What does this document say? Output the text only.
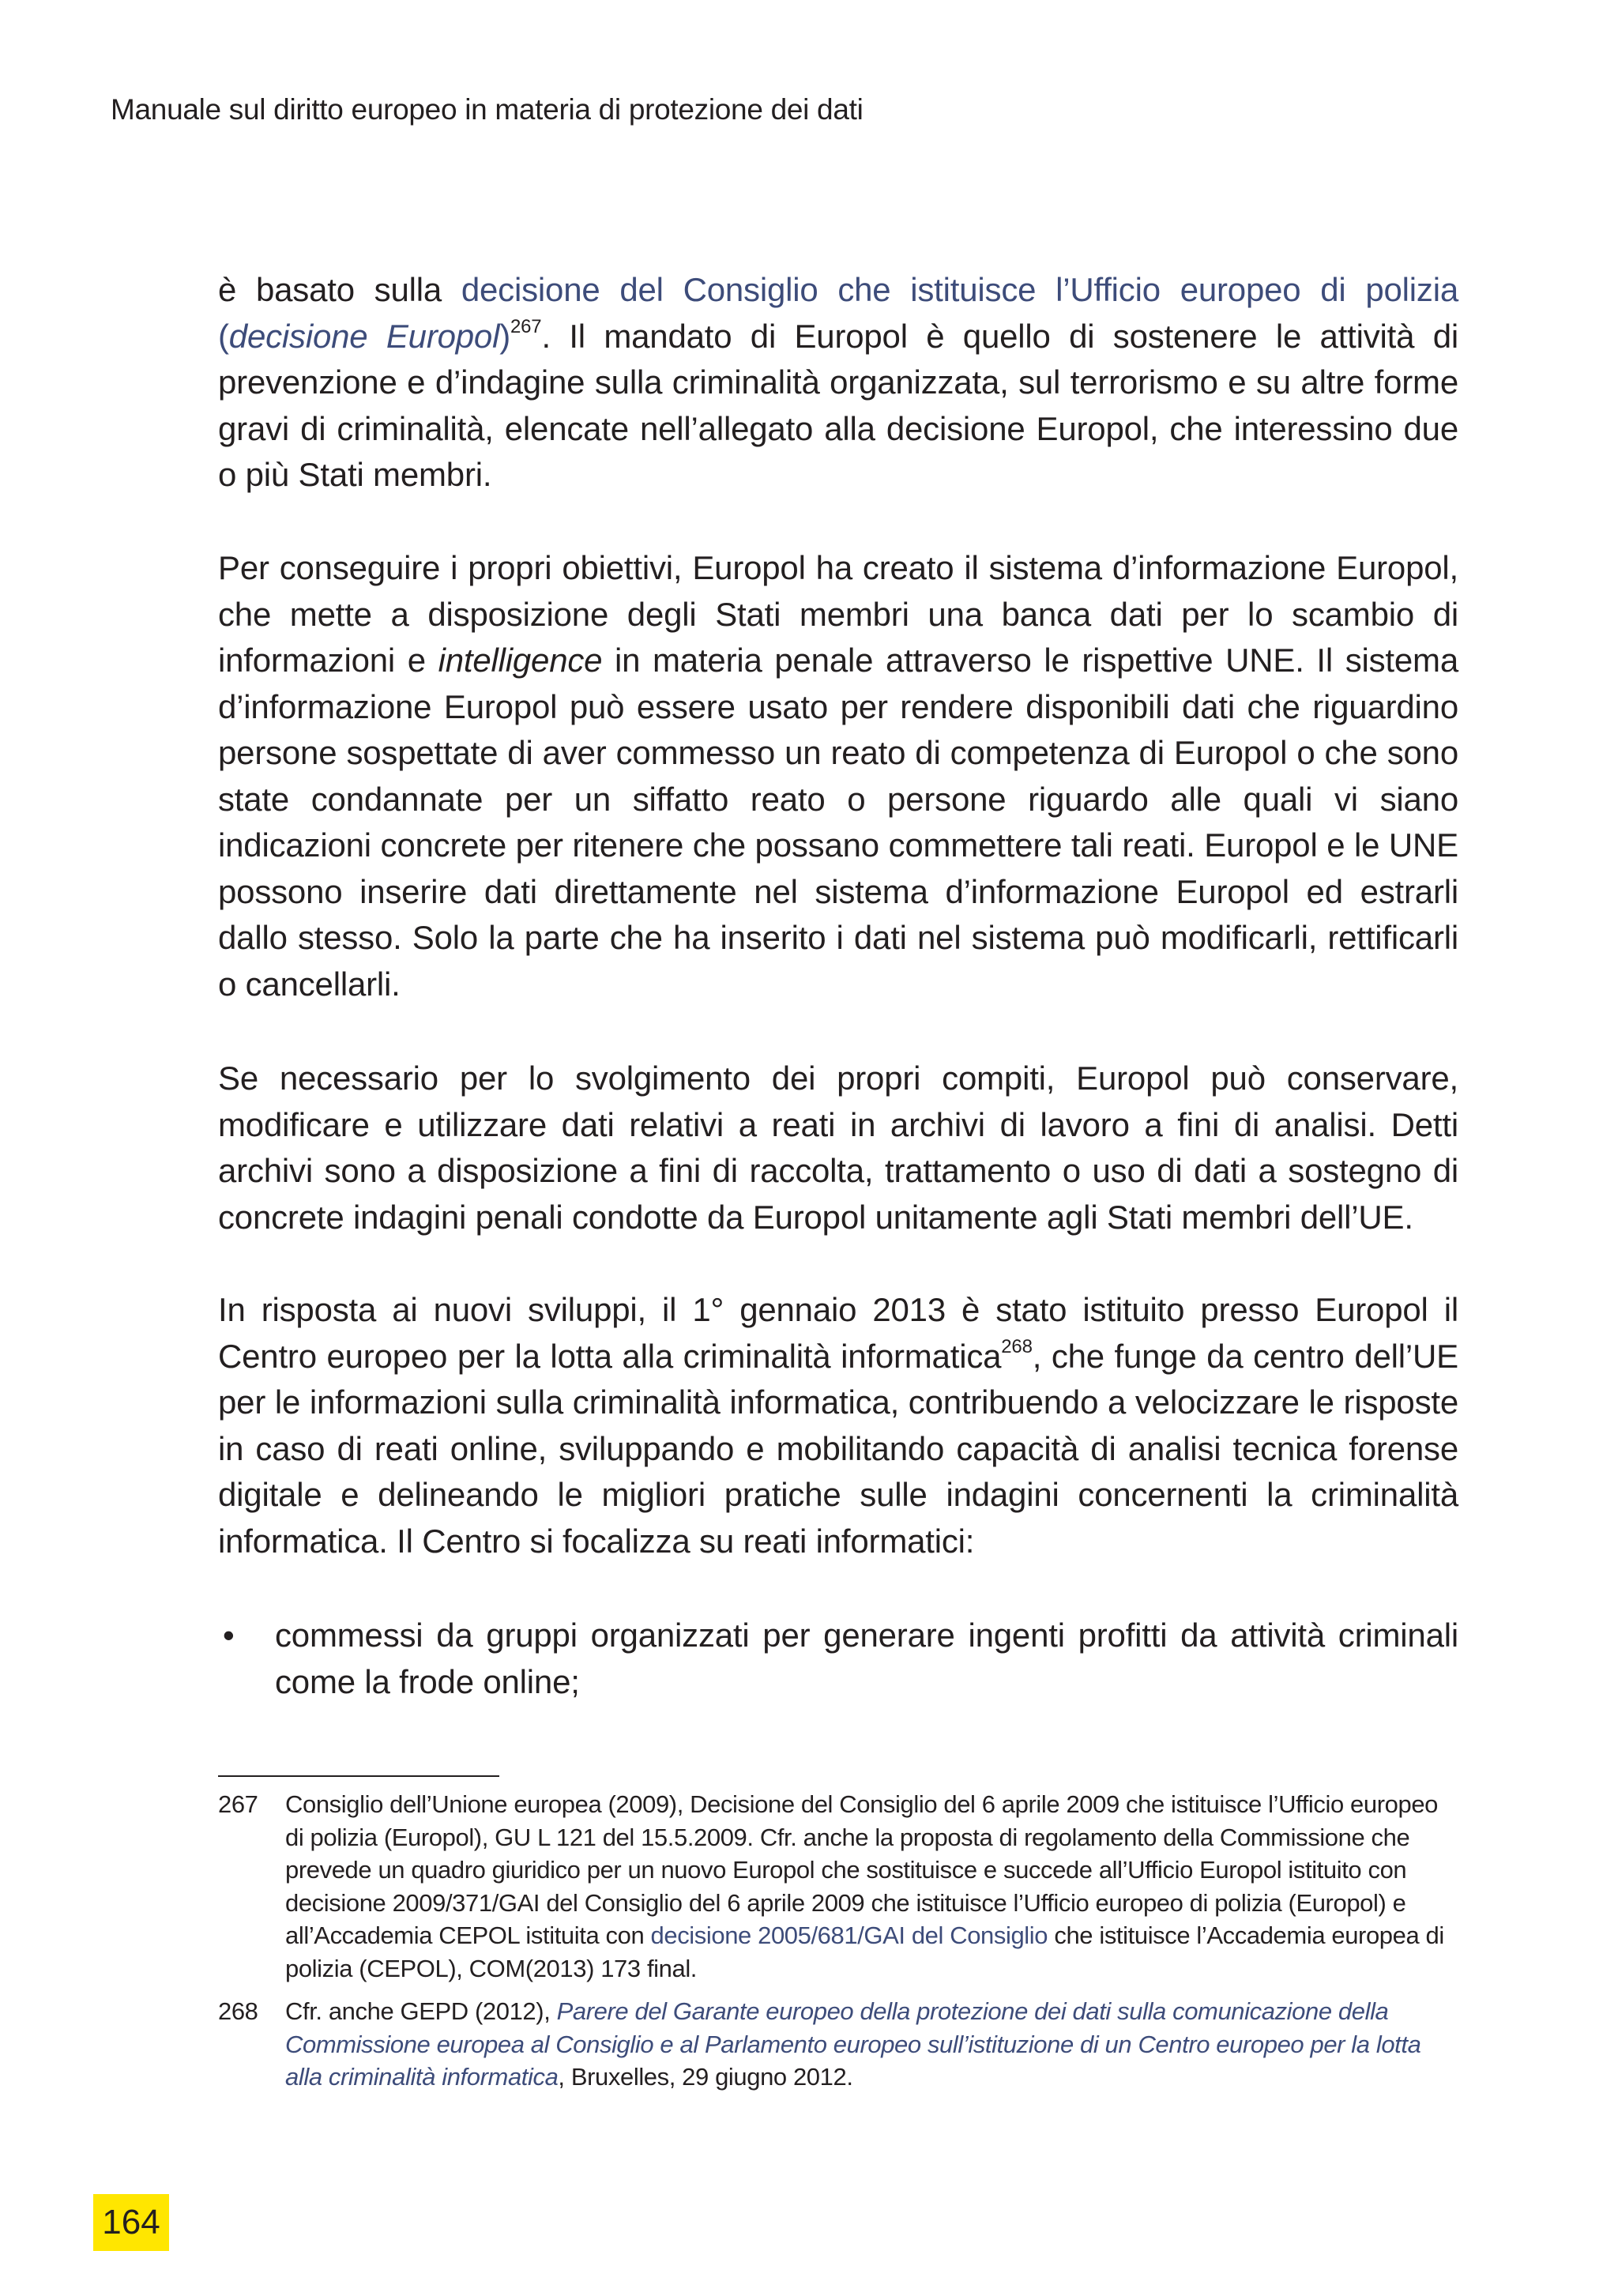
Manuale sul diritto europeo in materia di protezione dei dati

è basato sulla decisione del Consiglio che istituisce l’Ufficio europeo di polizia (decisione Europol)$^{267}$. Il mandato di Europol è quello di sostenere le attività di prevenzione e d’indagine sulla criminalità organizzata, sul terrorismo e su altre forme gravi di criminalità, elencate nell’allegato alla decisione Europol, che interessino due o più Stati membri.

Per conseguire i propri obiettivi, Europol ha creato il sistema d’informazione Europol, che mette a disposizione degli Stati membri una banca dati per lo scambio di informazioni e intelligence in materia penale attraverso le rispettive UNE. Il sistema d’informazione Europol può essere usato per rendere disponibili dati che riguardino persone sospettate di aver commesso un reato di competenza di Europol o che sono state condannate per un siffatto reato o persone riguardo alle quali vi siano indicazioni concrete per ritenere che possano commettere tali reati. Europol e le UNE possono inserire dati direttamente nel sistema d’informazione Europol ed estrarli dallo stesso. Solo la parte che ha inserito i dati nel sistema può modificarli, rettificarli o cancellarli.

Se necessario per lo svolgimento dei propri compiti, Europol può conservare, modificare e utilizzare dati relativi a reati in archivi di lavoro a fini di analisi. Detti archivi sono a disposizione a fini di raccolta, trattamento o uso di dati a sostegno di concrete indagini penali condotte da Europol unitamente agli Stati membri dell’UE.

In risposta ai nuovi sviluppi, il 1° gennaio 2013 è stato istituito presso Europol il Centro europeo per la lotta alla criminalità informatica$^{268}$, che funge da centro dell’UE per le informazioni sulla criminalità informatica, contribuendo a velocizzare le risposte in caso di reati online, sviluppando e mobilitando capacità di analisi tecnica forense digitale e delineando le migliori pratiche sulle indagini concernenti la criminalità informatica. Il Centro si focalizza su reati informatici:

• commessi da gruppi organizzati per generare ingenti profitti da attività criminali come la frode online;
267 Consiglio dell’Unione europea (2009), Decisione del Consiglio del 6 aprile 2009 che istituisce l’Ufficio europeo di polizia (Europol), GU L 121 del 15.5.2009. Cfr. anche la proposta di regolamento della Commissione che prevede un quadro giuridico per un nuovo Europol che sostituisce e succede all’Ufficio Europol istituito con decisione 2009/371/GAI del Consiglio del 6 aprile 2009 che istituisce l’Ufficio europeo di polizia (Europol) e all’Accademia CEPOL istituita con decisione 2005/681/GAI del Consiglio che istituisce l’Accademia europea di polizia (CEPOL), COM(2013) 173 final.
268 Cfr. anche GEPD (2012), Parere del Garante europeo della protezione dei dati sulla comunicazione della Commissione europea al Consiglio e al Parlamento europeo sull’istituzione di un Centro europeo per la lotta alla criminalità informatica, Bruxelles, 29 giugno 2012.
164
